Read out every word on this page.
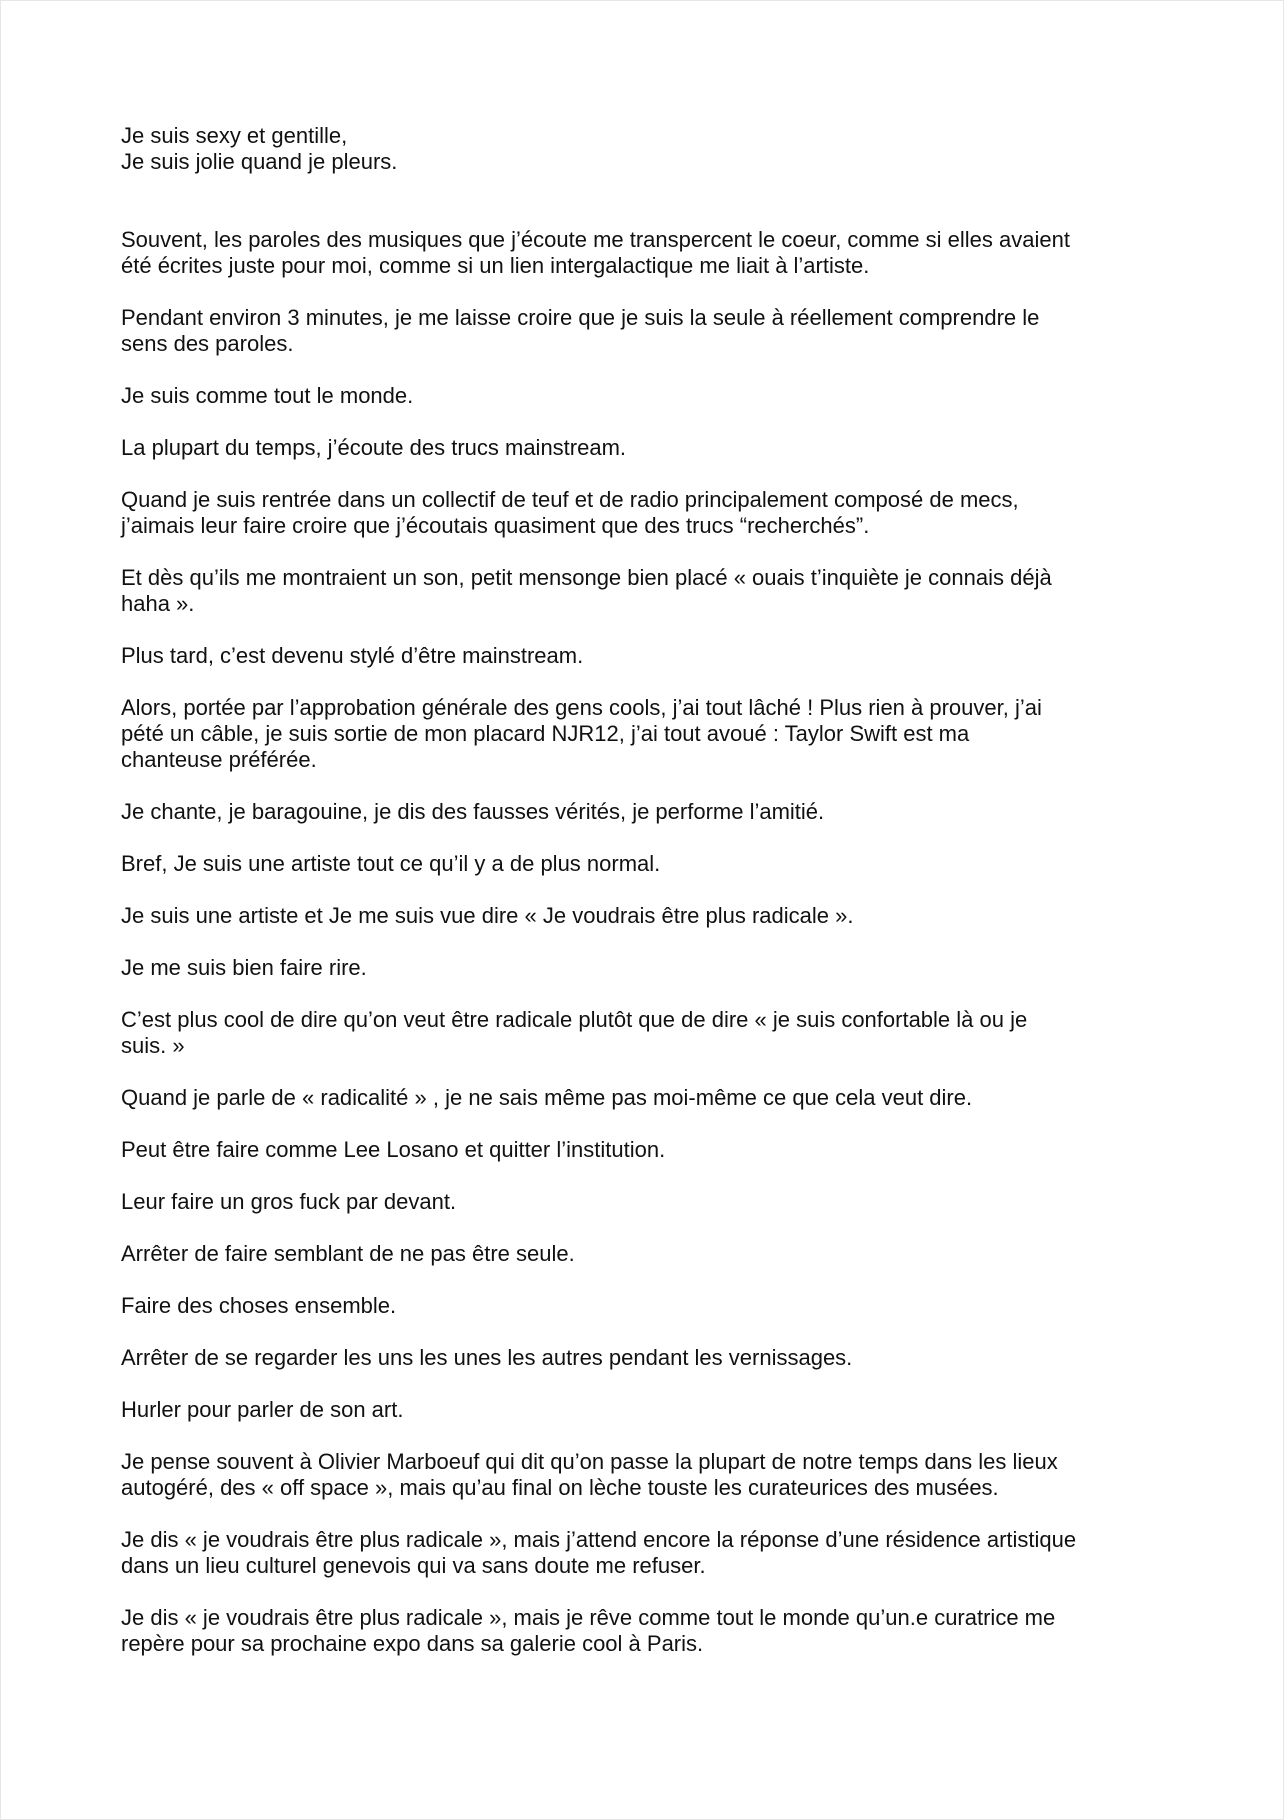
Je suis sexy et gentille,
Je suis jolie quand je pleurs.

Souvent, les paroles des musiques que j’écoute me transpercent le coeur, comme si elles avaient
été écrites juste pour moi, comme si un lien intergalactique me liait à l’artiste.

Pendant environ 3 minutes, je me laisse croire que je suis la seule à réellement comprendre le
sens des paroles.

Je suis comme tout le monde.

La plupart du temps, j’écoute des trucs mainstream.

Quand je suis rentrée dans un collectif de teuf et de radio principalement composé de mecs,
j’aimais leur faire croire que j’écoutais quasiment que des trucs “recherchés”.

Et dès qu’ils me montraient un son, petit mensonge bien placé « ouais t’inquiète je connais déjà
haha ».

Plus tard, c’est devenu stylé d’être mainstream.

Alors, portée par l’approbation générale des gens cools, j’ai tout lâché ! Plus rien à prouver, j’ai
pété un câble, je suis sortie de mon placard NJR12, j’ai tout avoué : Taylor Swift est ma
chanteuse préférée.

Je chante, je baragouine, je dis des fausses vérités, je performe l’amitié.

Bref, Je suis une artiste tout ce qu’il y a de plus normal.

Je suis une artiste et Je me suis vue dire « Je voudrais être plus radicale ».

Je me suis bien faire rire.

C’est plus cool de dire qu’on veut être radicale plutôt que de dire « je suis confortable là ou je
suis. »

Quand je parle de « radicalité » , je ne sais même pas moi-même ce que cela veut dire.

Peut être faire comme Lee Losano et quitter l’institution.

Leur faire un gros fuck par devant.

Arrêter de faire semblant de ne pas être seule.

Faire des choses ensemble.

Arrêter de se regarder les uns les unes les autres pendant les vernissages.

Hurler pour parler de son art.

Je pense souvent à Olivier Marboeuf qui dit qu’on passe la plupart de notre temps dans les lieux
autogéré, des « off space », mais qu’au final on lèche touste les curateurices des musées.

Je dis « je voudrais être plus radicale », mais j’attend encore la réponse d’une résidence artistique
dans un lieu culturel genevois qui va sans doute me refuser.

Je dis « je voudrais être plus radicale », mais je rêve comme tout le monde qu’un.e curatrice me
repère pour sa prochaine expo dans sa galerie cool à Paris.
